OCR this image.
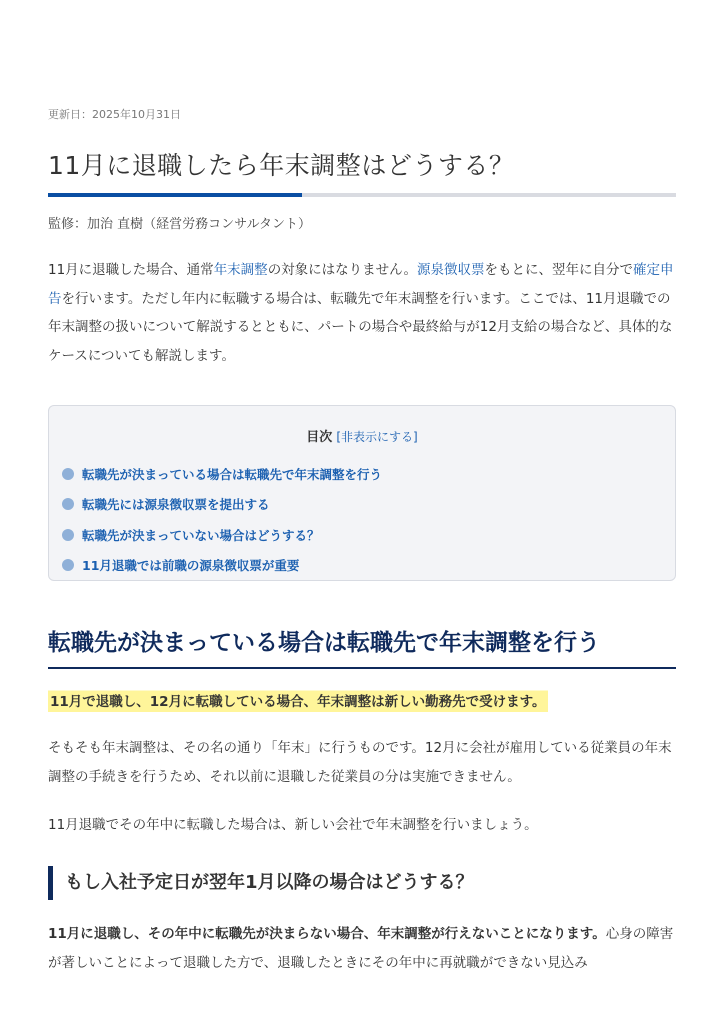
更新日：2025年10月31日
11月に退職したら年末調整はどうする？
監修：加治 直樹（経営労務コンサルタント）

11月に退職した場合、通常年末調整の対象にはなりません。源泉徴収票をもとに、翌年に自分で確定申告を行います。ただし年内に転職する場合は、転職先で年末調整を行います。ここでは、11月退職での年末調整の扱いについて解説するとともに、パートの場合や最終給与が12月支給の場合など、具体的なケースについても解説します。

目次 [非表示にする]
転職先が決まっている場合は転職先で年末調整を行う
転職先には源泉徴収票を提出する
転職先が決まっていない場合はどうする？
11月退職では前職の源泉徴収票が重要
転職先が決まっている場合は転職先で年末調整を行う
11月で退職し、12月に転職している場合、年末調整は新しい勤務先で受けます。

そもそも年末調整は、その名の通り「年末」に行うものです。12月に会社が雇用している従業員の年末調整の手続きを行うため、それ以前に退職した従業員の分は実施できません。

11月退職でその年中に転職した場合は、新しい会社で年末調整を行いましょう。

もし入社予定日が翌年1月以降の場合はどうする？

11月に退職し、その年中に転職先が決まらない場合、年末調整が行えないことになります。心身の障害が著しいことによって退職した方で、退職したときにその年中に再就職ができない見込み
